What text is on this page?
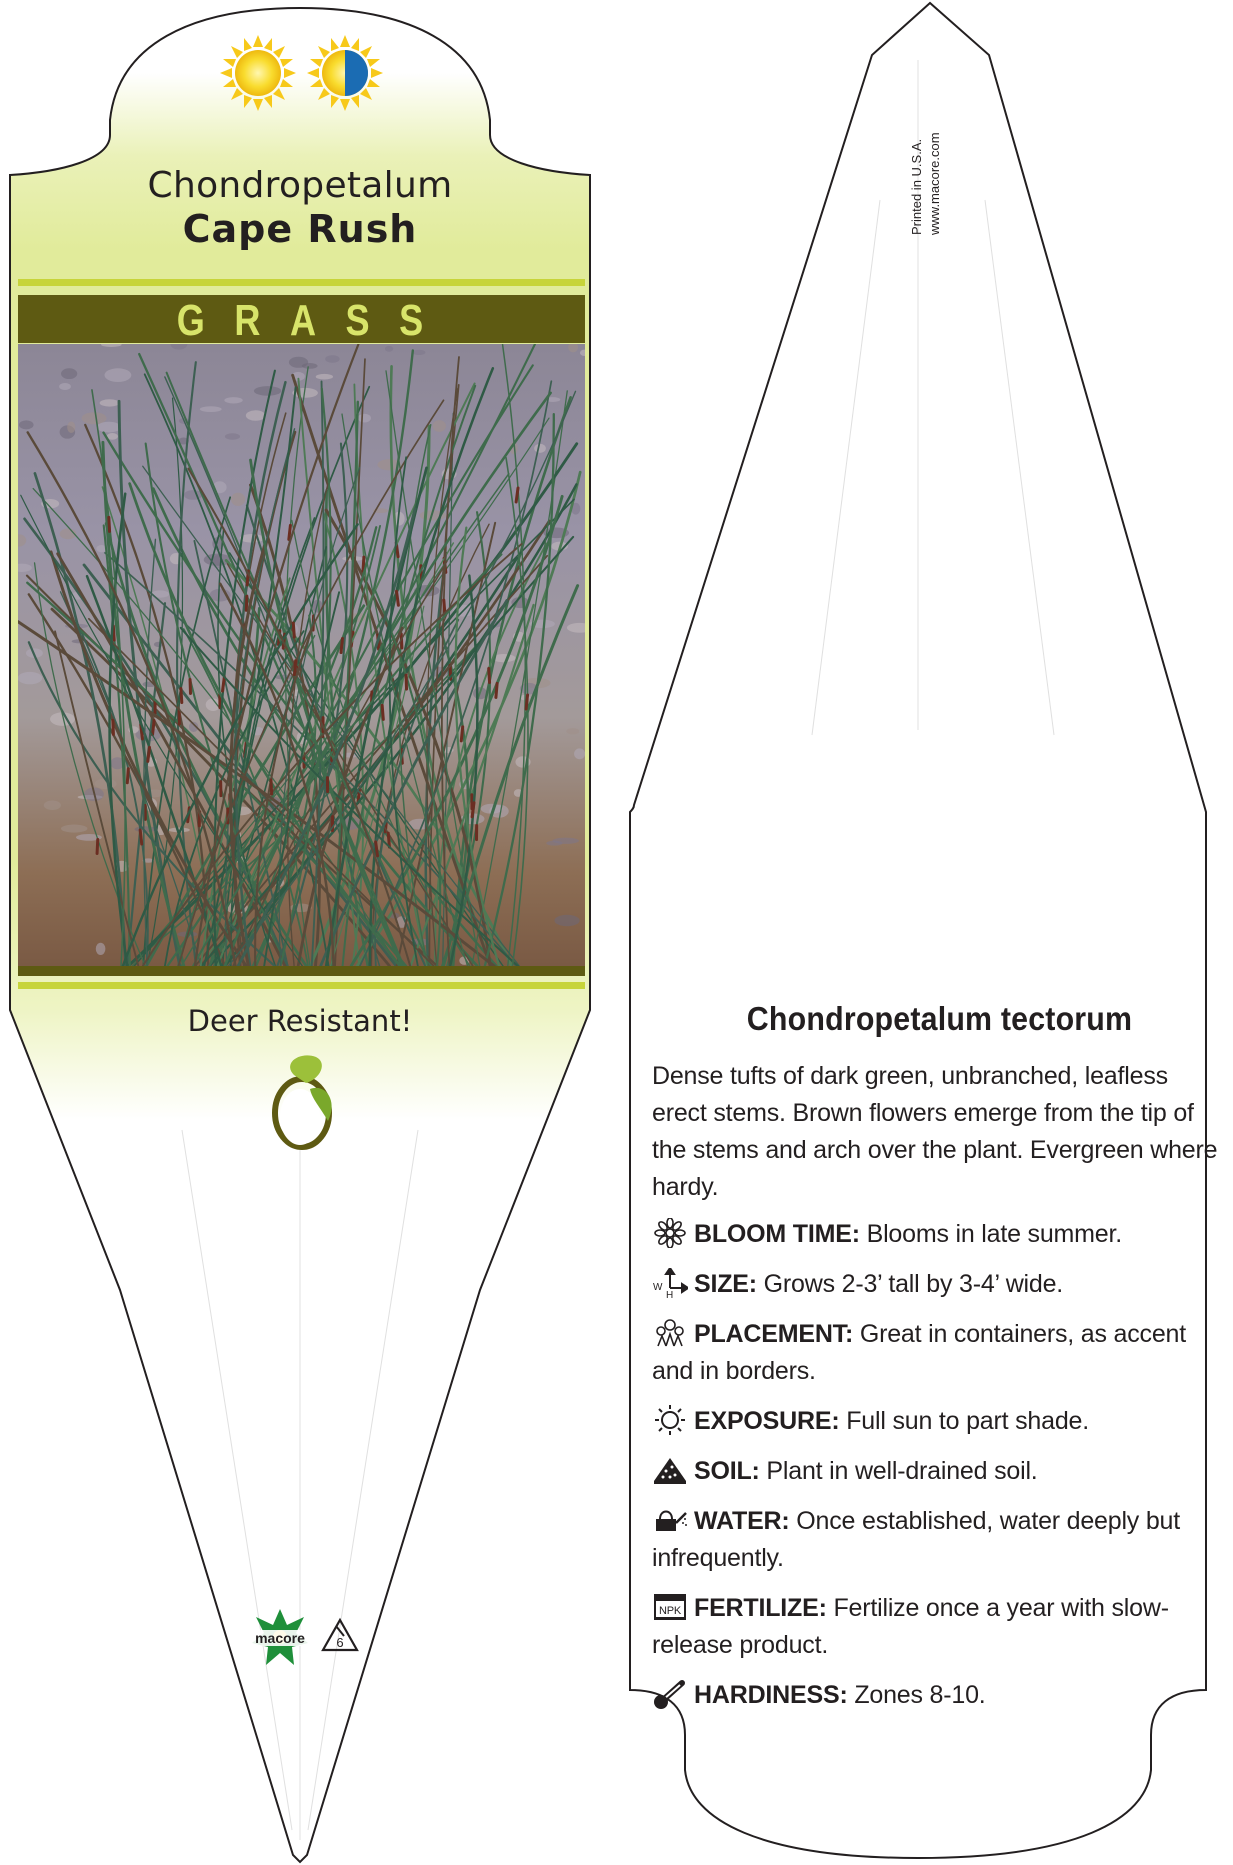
macore 6
Chondropetalum
Cape Rush
GRASS
Deer Resistant!
Printed in U.S.A. www.macore.com
Chondropetalum tectorum
Dense tufts of dark green, unbranched, leafless erect stems. Brown flowers emerge from the tip of the stems and arch over the plant. Evergreen where hardy.
BLOOM TIME: Blooms in late summer.
W
H SIZE: Grows 2-3’ tall by 3-4’ wide.
PLACEMENT: Great in containers, as accent and in borders.
EXPOSURE: Full sun to part shade.
SOIL: Plant in well-drained soil.
WATER: Once established, water deeply but infrequently.
NPK FERTILIZE: Fertilize once a year with slow-release product.
HARDINESS: Zones 8-10.
